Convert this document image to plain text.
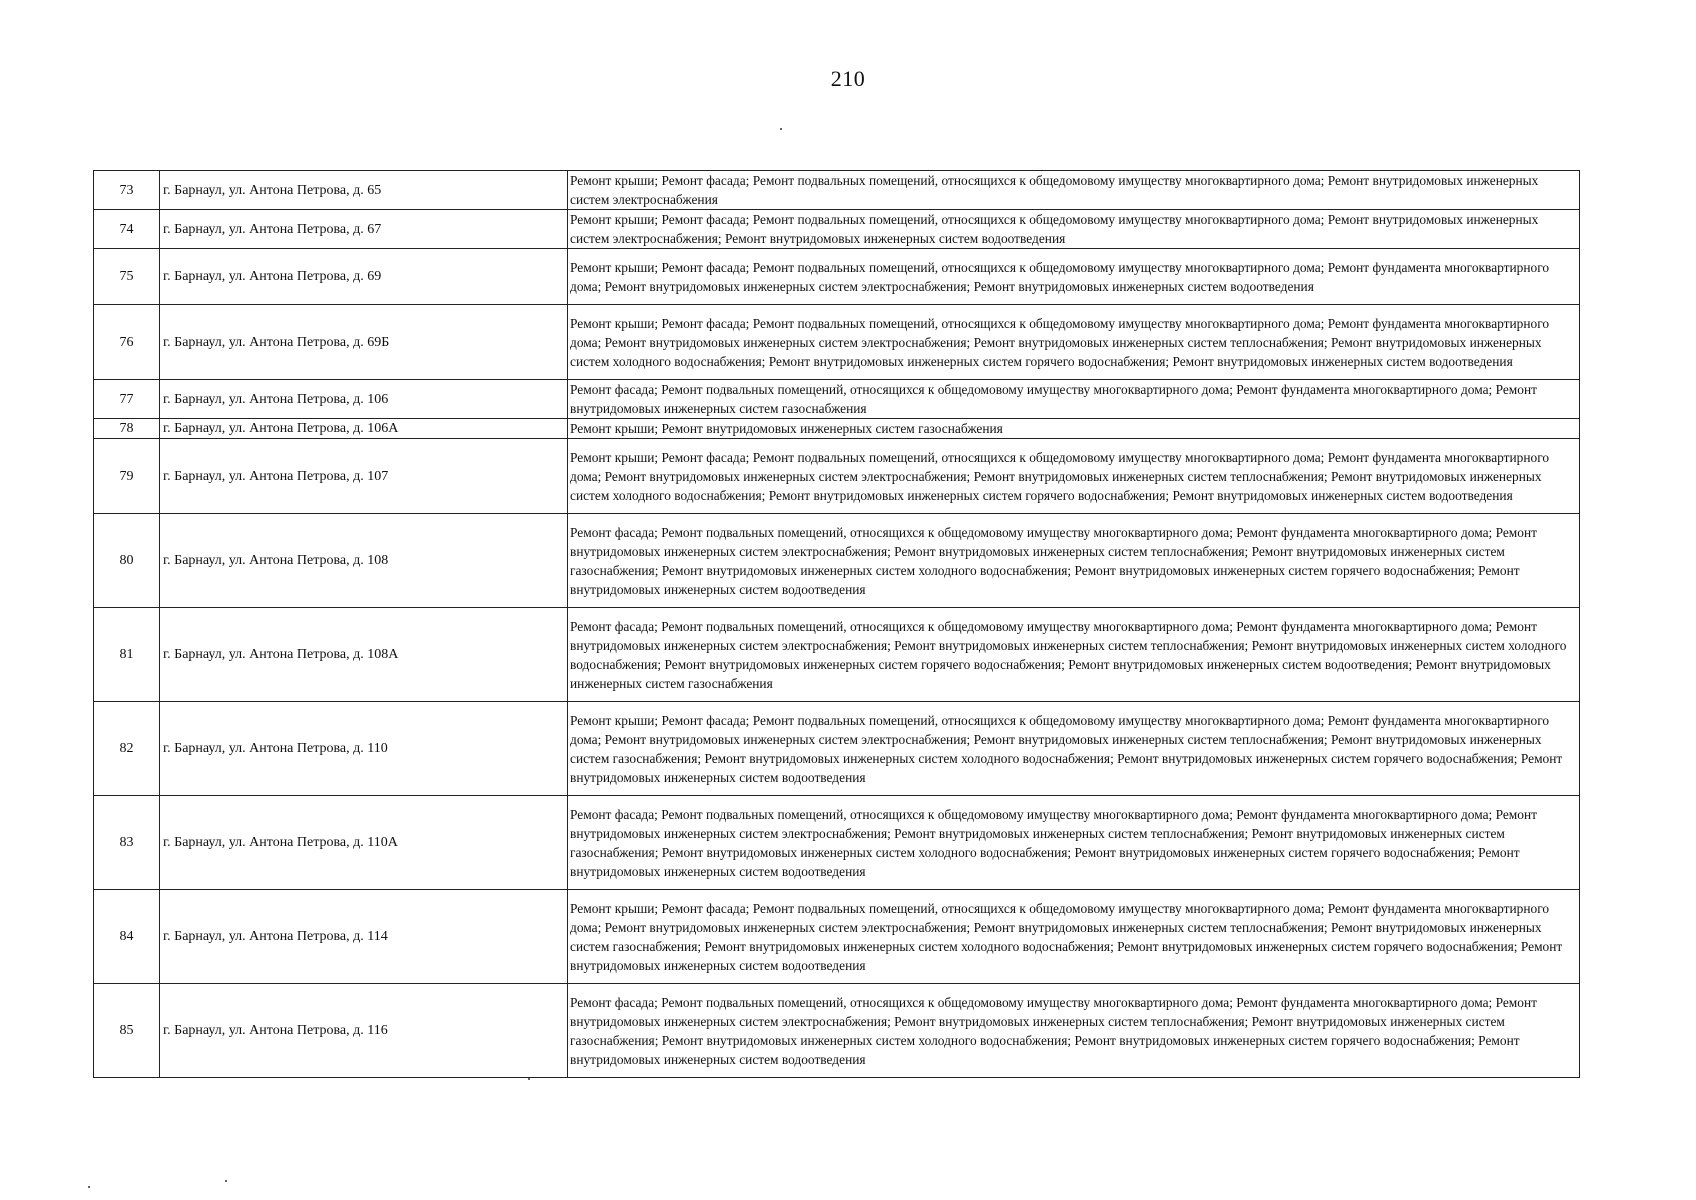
210
73	г. Барнаул, ул. Антона Петрова, д. 65	Ремонт крыши; Ремонт фасада; Ремонт подвальных помещений, относящихся к общедомовому имуществу многоквартирного дома; Ремонт внутридомовых инженерных систем электроснабжения

74	г. Барнаул, ул. Антона Петрова, д. 67	Ремонт крыши; Ремонт фасада; Ремонт подвальных помещений, относящихся к общедомовому имуществу многоквартирного дома; Ремонт внутридомовых инженерных систем электроснабжения; Ремонт внутридомовых инженерных систем водоотведения

75	г. Барнаул, ул. Антона Петрова, д. 69	Ремонт крыши; Ремонт фасада; Ремонт подвальных помещений, относящихся к общедомовому имуществу многоквартирного дома; Ремонт фундамента многоквартирного дома; Ремонт внутридомовых инженерных систем электроснабжения; Ремонт внутридомовых инженерных систем водоотведения

76	г. Барнаул, ул. Антона Петрова, д. 69Б	Ремонт крыши; Ремонт фасада; Ремонт подвальных помещений, относящихся к общедомовому имуществу многоквартирного дома; Ремонт фундамента многоквартирного дома; Ремонт внутридомовых инженерных систем электроснабжения; Ремонт внутридомовых инженерных систем теплоснабжения; Ремонт внутридомовых инженерных систем холодного водоснабжения; Ремонт внутридомовых инженерных систем горячего водоснабжения; Ремонт внутридомовых инженерных систем водоотведения

77	г. Барнаул, ул. Антона Петрова, д. 106	Ремонт фасада; Ремонт подвальных помещений, относящихся к общедомовому имуществу многоквартирного дома; Ремонт фундамента многоквартирного дома; Ремонт внутридомовых инженерных систем газоснабжения

78	г. Барнаул, ул. Антона Петрова, д. 106А	Ремонт крыши; Ремонт внутридомовых инженерных систем газоснабжения

79	г. Барнаул, ул. Антона Петрова, д. 107	Ремонт крыши; Ремонт фасада; Ремонт подвальных помещений, относящихся к общедомовому имуществу многоквартирного дома; Ремонт фундамента многоквартирного дома; Ремонт внутридомовых инженерных систем электроснабжения; Ремонт внутридомовых инженерных систем теплоснабжения; Ремонт внутридомовых инженерных систем холодного водоснабжения; Ремонт внутридомовых инженерных систем горячего водоснабжения; Ремонт внутридомовых инженерных систем водоотведения

80	г. Барнаул, ул. Антона Петрова, д. 108	Ремонт фасада; Ремонт подвальных помещений, относящихся к общедомовому имуществу многоквартирного дома; Ремонт фундамента многоквартирного дома; Ремонт внутридомовых инженерных систем электроснабжения; Ремонт внутридомовых инженерных систем теплоснабжения; Ремонт внутридомовых инженерных систем газоснабжения; Ремонт внутридомовых инженерных систем холодного водоснабжения; Ремонт внутридомовых инженерных систем горячего водоснабжения; Ремонт внутридомовых инженерных систем водоотведения

81	г. Барнаул, ул. Антона Петрова, д. 108А	Ремонт фасада; Ремонт подвальных помещений, относящихся к общедомовому имуществу многоквартирного дома; Ремонт фундамента многоквартирного дома; Ремонт внутридомовых инженерных систем электроснабжения; Ремонт внутридомовых инженерных систем теплоснабжения; Ремонт внутридомовых инженерных систем холодного водоснабжения; Ремонт внутридомовых инженерных систем горячего водоснабжения; Ремонт внутридомовых инженерных систем водоотведения; Ремонт внутридомовых инженерных систем газоснабжения

82	г. Барнаул, ул. Антона Петрова, д. 110	Ремонт крыши; Ремонт фасада; Ремонт подвальных помещений, относящихся к общедомовому имуществу многоквартирного дома; Ремонт фундамента многоквартирного дома; Ремонт внутридомовых инженерных систем электроснабжения; Ремонт внутридомовых инженерных систем теплоснабжения; Ремонт внутридомовых инженерных систем газоснабжения; Ремонт внутридомовых инженерных систем холодного водоснабжения; Ремонт внутридомовых инженерных систем горячего водоснабжения; Ремонт внутридомовых инженерных систем водоотведения

83	г. Барнаул, ул. Антона Петрова, д. 110А	Ремонт фасада; Ремонт подвальных помещений, относящихся к общедомовому имуществу многоквартирного дома; Ремонт фундамента многоквартирного дома; Ремонт внутридомовых инженерных систем электроснабжения; Ремонт внутридомовых инженерных систем теплоснабжения; Ремонт внутридомовых инженерных систем газоснабжения; Ремонт внутридомовых инженерных систем холодного водоснабжения; Ремонт внутридомовых инженерных систем горячего водоснабжения; Ремонт внутридомовых инженерных систем водоотведения

84	г. Барнаул, ул. Антона Петрова, д. 114	Ремонт крыши; Ремонт фасада; Ремонт подвальных помещений, относящихся к общедомовому имуществу многоквартирного дома; Ремонт фундамента многоквартирного дома; Ремонт внутридомовых инженерных систем электроснабжения; Ремонт внутридомовых инженерных систем теплоснабжения; Ремонт внутридомовых инженерных систем газоснабжения; Ремонт внутридомовых инженерных систем холодного водоснабжения; Ремонт внутридомовых инженерных систем горячего водоснабжения; Ремонт внутридомовых инженерных систем водоотведения

85	г. Барнаул, ул. Антона Петрова, д. 116	Ремонт фасада; Ремонт подвальных помещений, относящихся к общедомовому имуществу многоквартирного дома; Ремонт фундамента многоквартирного дома; Ремонт внутридомовых инженерных систем электроснабжения; Ремонт внутридомовых инженерных систем теплоснабжения; Ремонт внутридомовых инженерных систем газоснабжения; Ремонт внутридомовых инженерных систем холодного водоснабжения; Ремонт внутридомовых инженерных систем горячего водоснабжения; Ремонт внутридомовых инженерных систем водоотведения
